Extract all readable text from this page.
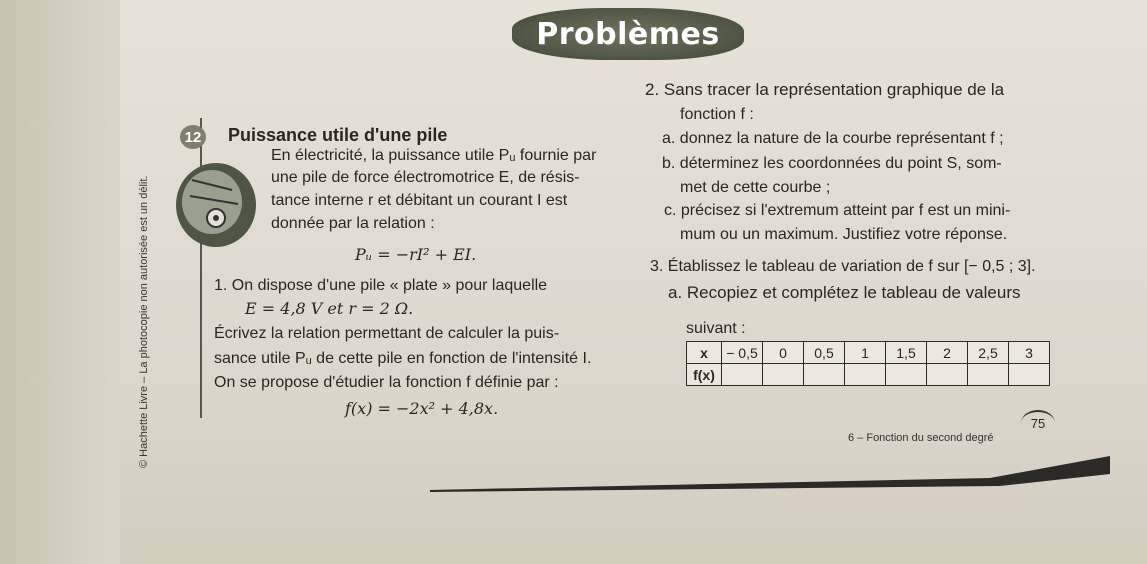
Problèmes
© Hachette Livre – La photocopie non autorisée est un délit.
12 Puissance utile d'une pile
En électricité, la puissance utile Pᵤ fournie par
une pile de force électromotrice E, de résis-
tance interne r et débitant un courant I est
donnée par la relation :
Pᵤ = −rI² + EI.
1. On dispose d'une pile « plate » pour laquelle
E = 4,8 V et r = 2 Ω.
Écrivez la relation permettant de calculer la puis-
sance utile Pᵤ de cette pile en fonction de l'intensité I.
On se propose d'étudier la fonction f définie par :
f(x) = −2x² + 4,8x.
2. Sans tracer la représentation graphique de la
fonction f :
a. donnez la nature de la courbe représentant f ;
b. déterminez les coordonnées du point S, som-
met de cette courbe ;
c. précisez si l'extremum atteint par f est un mini-
mum ou un maximum. Justifiez votre réponse.
3. Établissez le tableau de variation de f sur [− 0,5 ; 3].
a. Recopiez et complétez le tableau de valeurs
suivant :
x	− 0,5	0	0,5	1	1,5	2	2,5	3
f(x)								
6 – Fonction du second degré
75
